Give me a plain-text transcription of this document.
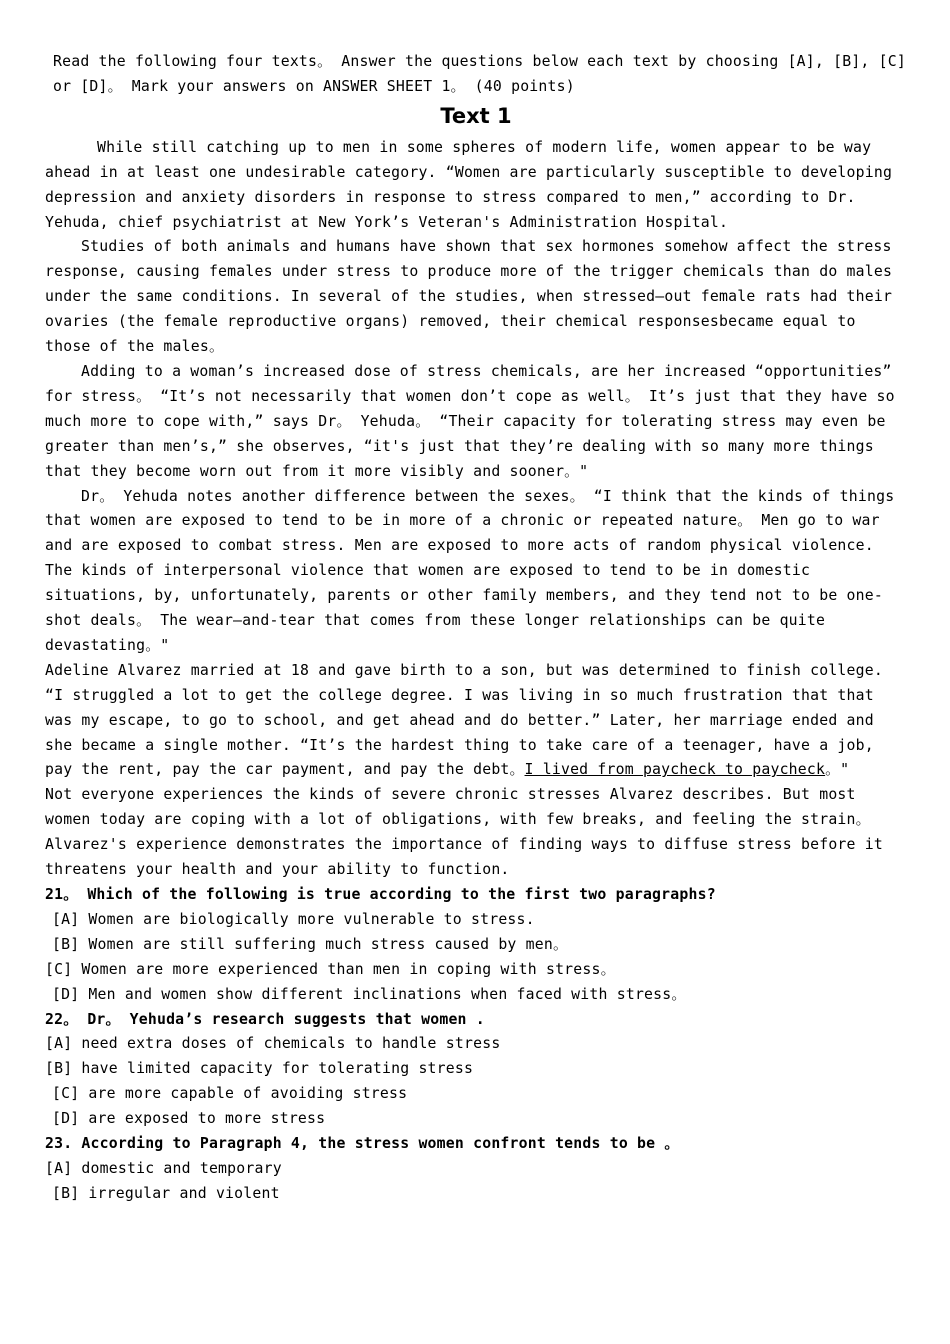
Read the following four texts。 Answer the questions below each text by choosing [A], [B], [C] or [D]。 Mark your answers on ANSWER SHEET 1。 (40 points)
Text 1

While still catching up to men in some spheres of modern life, women appear to be way ahead in at least one undesirable category. “Women are particularly susceptible to developing depression and anxiety disorders in response to stress compared to men,” according to Dr. Yehuda, chief psychiatrist at New York’s Veteran's Administration Hospital.

Studies of both animals and humans have shown that sex hormones somehow affect the stress response, causing females under stress to produce more of the trigger chemicals than do males under the same conditions. In several of the studies, when stressed—out female rats had their ovaries (the female reproductive organs) removed, their chemical responsesbecame equal to those of the males。

Adding to a woman’s increased dose of stress chemicals, are her increased “opportunities” for stress。 “It’s not necessarily that women don’t cope as well。 It’s just that they have so much more to cope with,” says Dr。 Yehuda。 “Their capacity for tolerating stress may even be greater than men’s,” she observes, “it's just that they’re dealing with so many more things that they become worn out from it more visibly and sooner。"

Dr。 Yehuda notes another difference between the sexes。 “I think that the kinds of things that women are exposed to tend to be in more of a chronic or repeated nature。 Men go to war and are exposed to combat stress. Men are exposed to more acts of random physical violence. The kinds of interpersonal violence that women are exposed to tend to be in domestic situations, by, unfortunately, parents or other family members, and they tend not to be one-shot deals。 The wear—and-tear that comes from these longer relationships can be quite devastating。"

Adeline Alvarez married at 18 and gave birth to a son, but was determined to finish college. “I struggled a lot to get the college degree. I was living in so much frustration that that was my escape, to go to school, and get ahead and do better.” Later, her marriage ended and she became a single mother. “It’s the hardest thing to take care of a teenager, have a job, pay the rent, pay the car payment, and pay the debt。I lived from paycheck to paycheck。"

Not everyone experiences the kinds of severe chronic stresses Alvarez describes. But most women today are coping with a lot of obligations, with few breaks, and feeling the strain。 Alvarez's experience demonstrates the importance of finding ways to diffuse stress before it threatens your health and your ability to function.

21。 Which of the following is true according to the first two paragraphs?
[A] Women are biologically more vulnerable to stress.
[B] Women are still suffering much stress caused by men。
[C] Women are more experienced than men in coping with stress。
[D] Men and women show different inclinations when faced with stress。
22。 Dr。 Yehuda’s research suggests that women .
[A] need extra doses of chemicals to handle stress
[B] have limited capacity for tolerating stress
[C] are more capable of avoiding stress
[D] are exposed to more stress
23. According to Paragraph 4, the stress women confront tends to be 。
[A] domestic and temporary
[B] irregular and violent
